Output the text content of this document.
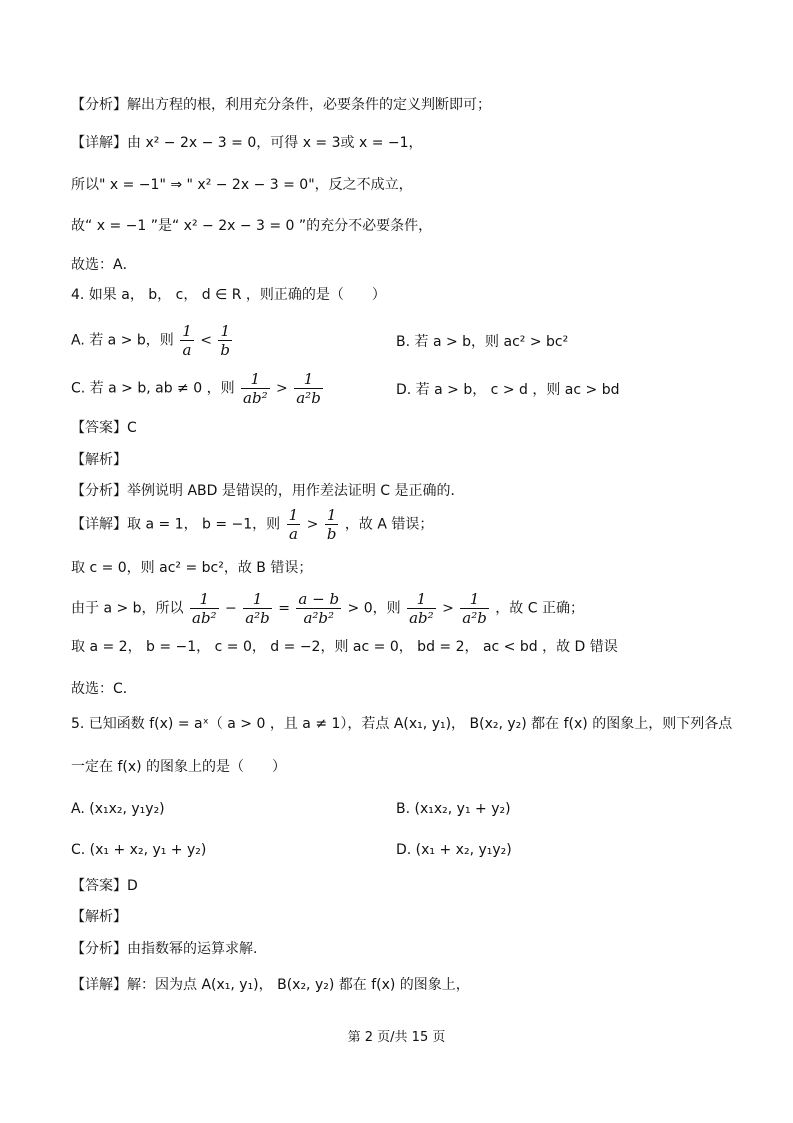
【分析】解出方程的根，利用充分条件，必要条件的定义判断即可；
【详解】由 x² − 2x − 3 = 0，可得 x = 3或 x = −1，
所以" x = −1" ⇒ " x² − 2x − 3 = 0"，反之不成立，
故“ x = −1 ”是“ x² − 2x − 3 = 0 ”的充分不必要条件，
故选：A．
4. 如果 a， b， c， d ∈ R ，则正确的是（　　）
A. 若 a > b，则 $\frac{1}{a} < \frac{1}{b}$	B. 若 a > b，则 ac² > bc²
C. 若 a > b, ab ≠ 0 ，则 $\frac{1}{\text{ab²}} > \frac{1}{\text{a²b}}$	D. 若 a > b， c > d ，则 ac > bd
【答案】C
【解析】
【分析】举例说明 ABD 是错误的，用作差法证明 C 是正确的．
【详解】取 a = 1， b = −1，则 $\frac{1}{a} > \frac{1}{b}$ ，故 A 错误；
取 c = 0，则 ac² = bc²，故 B 错误；
由于 a > b，所以 $\frac{1}{\text{ab²}} - \frac{1}{\text{a²b}} = \frac{a - b}{\text{a²b²}} > 0$，则 $\frac{1}{\text{ab²}} > \frac{1}{\text{a²b}}$ ，故 C 正确；
取 a = 2， b = −1， c = 0， d = −2，则 ac = 0， bd = 2， ac < bd ，故 D 错误
故选：C．
5. 已知函数 f(x) = aˣ（ a > 0 ，且 a ≠ 1），若点 A(x₁, y₁)， B(x₂, y₂) 都在 f(x) 的图象上，则下列各点
一定在 f(x) 的图象上的是（　　）
A. (x₁x₂, y₁y₂)	B. (x₁x₂, y₁ + y₂)
C. (x₁ + x₂, y₁ + y₂)	D. (x₁ + x₂, y₁y₂)
【答案】D
【解析】
【分析】由指数幂的运算求解.
【详解】解：因为点 A(x₁, y₁)， B(x₂, y₂) 都在 f(x) 的图象上，
第 2 页/共 15 页
